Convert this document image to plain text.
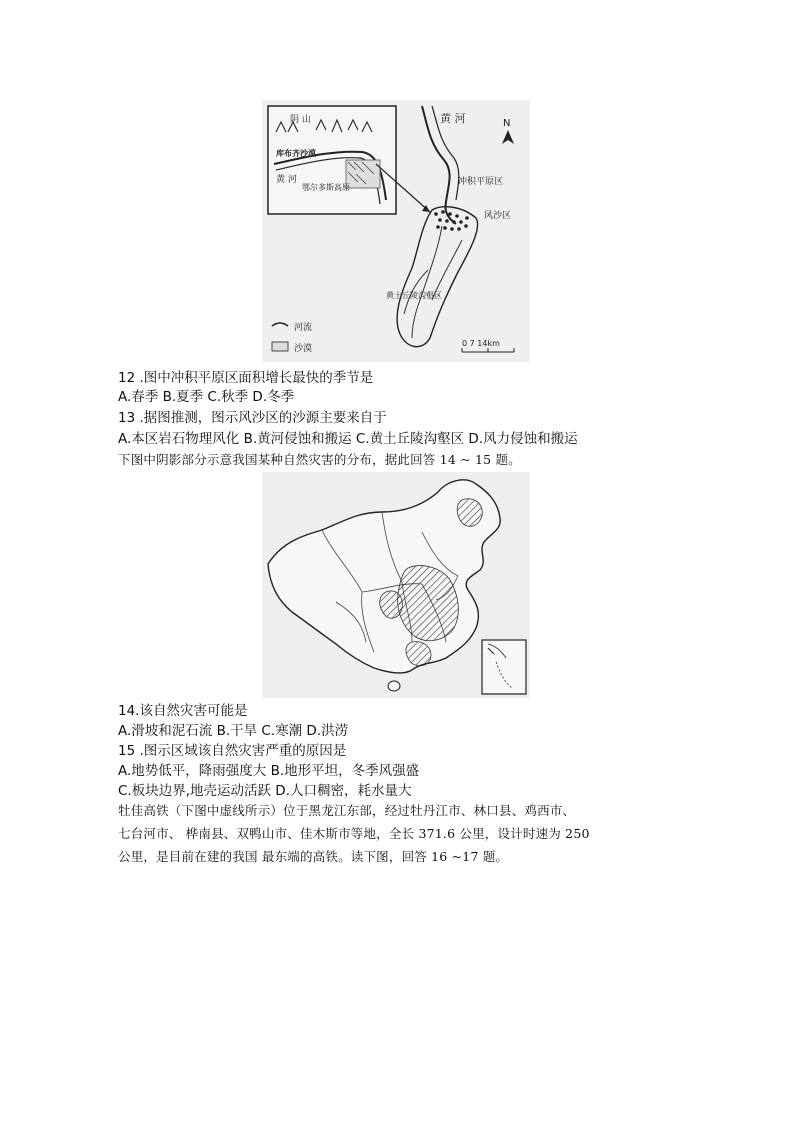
黄 河	N
阴 山
库布齐沙漠
黄 河
鄂尔多斯高原
冲积平原区
风沙区
黄土丘陵沟壑区
河流
沙漠
0 7 14km
12 .图中冲积平原区面积增长最快的季节是
A.春季 B.夏季 C.秋季 D.冬季
13 .据图推测，图示风沙区的沙源主要来自于
A.本区岩石物理风化 B.黄河侵蚀和搬运 C.黄土丘陵沟壑区 D.风力侵蚀和搬运
下图中阴影部分示意我国某种自然灾害的分布，据此回答 14 ~ 15 题。
14.该自然灾害可能是
A.滑坡和泥石流 B.干旱 C.寒潮 D.洪涝
15 .图示区域该自然灾害严重的原因是
A.地势低平，降雨强度大 B.地形平坦，冬季风强盛
C.板块边界,地壳运动活跃 D.人口稠密，耗水量大
牡佳高铁（下图中虚线所示）位于黑龙江东部，经过牡丹江市、林口县、鸡西市、
七台河市、 桦南县、双鸭山市、佳木斯市等地，全长 371.6 公里，设计时速为 250
公里，是目前在建的我国 最东端的高铁。读下图，回答 16 ~17 题。
